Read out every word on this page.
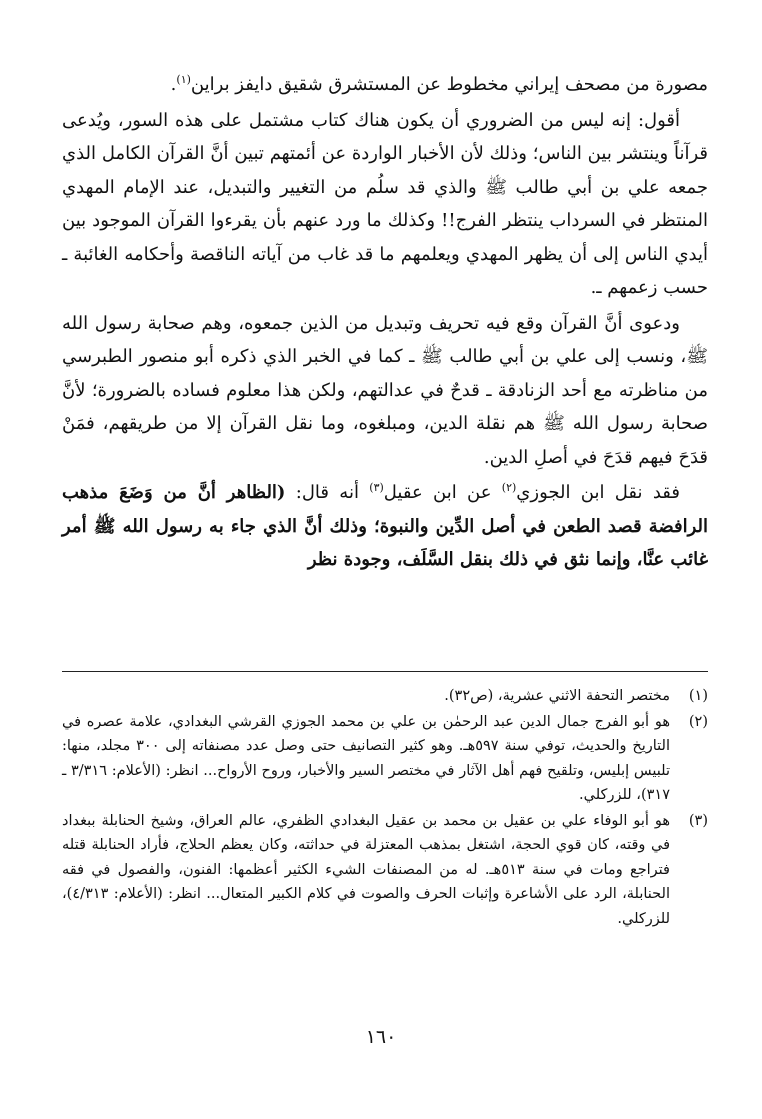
مصورة من مصحف إيراني مخطوط عن المستشرق شقيق دايفز براين$^{(١)}$.

أقول: إنه ليس من الضروري أن يكون هناك كتاب مشتمل على هذه السور، ويُدعى قرآناً وينتشر بين الناس؛ وذلك لأن الأخبار الواردة عن أئمتهم تبين أنَّ القرآن الكامل الذي جمعه علي بن أبي طالب ﷺ والذي قد سلُم من التغيير والتبديل، عند الإمام المهدي المنتظر في السرداب ينتظر الفرج!! وكذلك ما ورد عنهم بأن يقرءوا القرآن الموجود بين أيدي الناس إلى أن يظهر المهدي ويعلمهم ما قد غاب من آياته الناقصة وأحكامه الغائبة ـ حسب زعمهم ـ.

ودعوى أنَّ القرآن وقع فيه تحريف وتبديل من الذين جمعوه، وهم صحابة رسول الله ﷺ، ونسب إلى علي بن أبي طالب ﷺ ـ كما في الخبر الذي ذكره أبو منصور الطبرسي من مناظرته مع أحد الزنادقة ـ قدحٌ في عدالتهم، ولكن هذا معلوم فساده بالضرورة؛ لأنَّ صحابة رسول الله ﷺ هم نقلة الدين، ومبلغوه، وما نقل القرآن إلا من طريقهم، فمَنْ قدَحَ فيهم قدَحَ في أصلِ الدين.

فقد نقل ابن الجوزي$^{(٢)}$ عن ابن عقيل$^{(٣)}$ أنه قال: (الظاهر أنَّ من وَضَعَ مذهب الرافضة قصد الطعن في أصل الدِّين والنبوة؛ وذلك أنَّ الذي جاء به رسول الله ﷺ أمر غائب عنَّا، وإنما نثق في ذلك بنقل السَّلَف، وجودة نظر

(١)
مختصر التحفة الاثني عشرية، (ص٣٢).
(٢)
هو أبو الفرج جمال الدين عبد الرحمٰن بن علي بن محمد الجوزي القرشي البغدادي، علامة عصره في التاريخ والحديث، توفي سنة ٥٩٧هـ. وهو كثير التصانيف حتى وصل عدد مصنفاته إلى ٣٠٠ مجلد، منها: تلبيس إبليس، وتلقيح فهم أهل الآثار في مختصر السير والأخبار، وروح الأرواح... انظر: (الأعلام: ٣/٣١٦ ـ ٣١٧)، للزركلي.
(٣)
هو أبو الوفاء علي بن عقيل بن محمد بن عقيل البغدادي الظفري، عالم العراق، وشيخ الحنابلة ببغداد في وقته، كان قوي الحجة، اشتغل بمذهب المعتزلة في حداثته، وكان يعظم الحلاج، فأراد الحنابلة قتله فتراجع ومات في سنة ٥١٣هـ. له من المصنفات الشيء الكثير أعظمها: الفنون، والفصول في فقه الحنابلة، الرد على الأشاعرة وإثبات الحرف والصوت في كلام الكبير المتعال... انظر: (الأعلام: ٤/٣١٣)، للزركلي.
١٦٠
